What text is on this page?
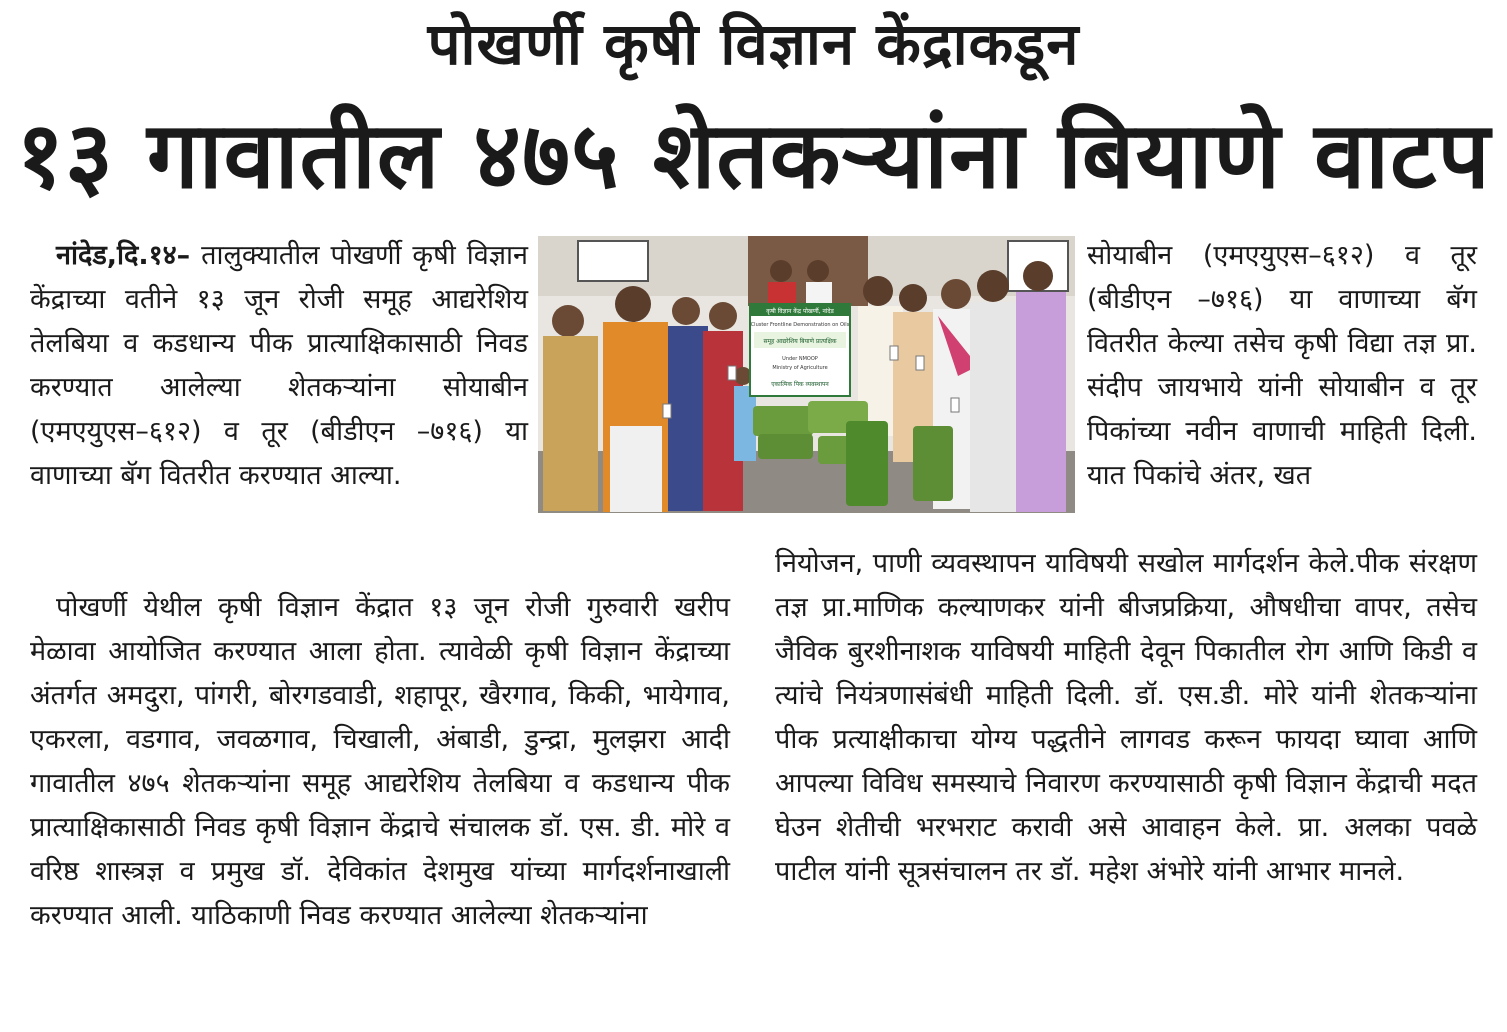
पोखर्णी कृषी विज्ञान केंद्राकडून
१३ गावातील ४७५ शेतकऱ्यांना बियाणे वाटप

नांदेड,दि.१४– तालुक्यातील पोखर्णी कृषी विज्ञान केंद्राच्या वतीने १३ जून रोजी समूह आद्यरेशिय तेलबिया व कडधान्य पीक प्रात्याक्षिकासाठी निवड करण्यात आलेल्या शेतकऱ्यांना सोयाबीन (एमएयुएस–६१२) व तूर (बीडीएन –७१६) या वाणाच्या बॅग वितरीत करण्यात आल्या.

पोखर्णी येथील कृषी विज्ञान केंद्रात १३ जून रोजी गुरुवारी खरीप मेळावा आयोजित करण्यात आला होता. त्यावेळी कृषी विज्ञान केंद्राच्या अंतर्गत अमदुरा, पांगरी, बोरगडवाडी, शहापूर, खैरगाव, किकी, भायेगाव, एकरला, वडगाव, जवळगाव, चिखाली, अंबाडी, डुन्द्रा, मुलझरा आदी गावातील ४७५ शेतकऱ्यांना समूह आद्यरेशिय तेलबिया व कडधान्य पीक प्रात्याक्षिकासाठी निवड कृषी विज्ञान केंद्राचे संचालक डॉ. एस. डी. मोरे व वरिष्ठ शास्त्रज्ञ व प्रमुख डॉ. देविकांत देशमुख यांच्या मार्गदर्शनाखाली करण्यात आली. याठिकाणी निवड करण्यात आलेल्या शेतकऱ्यांना

सोयाबीन (एमएयुएस–६१२) व तूर (बीडीएन –७१६) या वाणाच्या बॅग वितरीत केल्या तसेच कृषी विद्या तज्ञ प्रा. संदीप जायभाये यांनी सोयाबीन व तूर पिकांच्या नवीन वाणाची माहिती दिली. यात पिकांचे अंतर, खत

नियोजन, पाणी व्यवस्थापन याविषयी सखोल मार्गदर्शन केले.पीक संरक्षण तज्ञ प्रा.माणिक कल्याणकर यांनी बीजप्रक्रिया, औषधीचा वापर, तसेच जैविक बुरशीनाशक याविषयी माहिती देवून पिकातील रोग आणि किडी व त्यांचे नियंत्रणासंबंधी माहिती दिली. डॉ. एस.डी. मोरे यांनी शेतकऱ्यांना पीक प्रत्याक्षीकाचा योग्य पद्धतीने लागवड करून फायदा घ्यावा आणि आपल्या विविध समस्याचे निवारण करण्यासाठी कृषी विज्ञान केंद्राची मदत घेउन शेतीची भरभराट करावी असे आवाहन केले. प्रा. अलका पवळे पाटील यांनी सूत्रसंचालन तर डॉ. महेश अंभोरे यांनी आभार मानले.

कृषी विज्ञान केंद्र पोखर्णी, नांदेड
Cluster Frontline Demonstration on Oils
समूह आद्यरेशिय बियाणे प्रात्यक्षिक
Under NMOOP
Ministry of Agriculture
एकात्मिक पिक व्यवस्थापन
